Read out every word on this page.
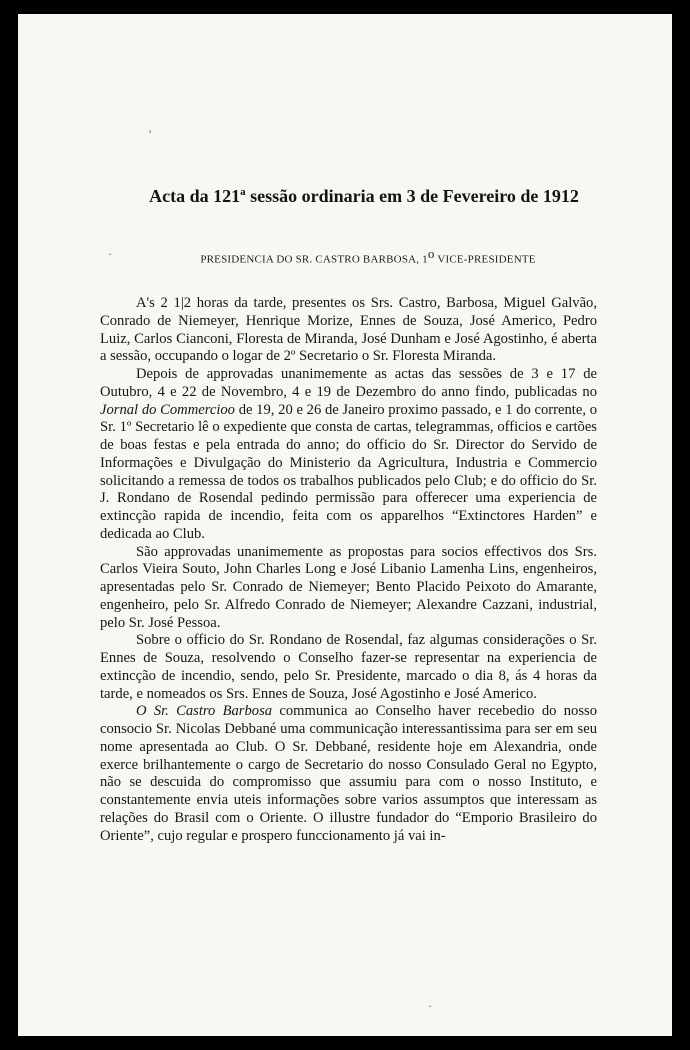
Acta da 121$^a$ sessão ordinaria em 3 de Fevereiro de 1912
PRESIDENCIA DO SR. CASTRO BARBOSA, 1$^o$ VICE-PRESIDENTE

A's 2 1|2 horas da tarde, presentes os Srs. Castro, Barbosa, Miguel Galvão, Conrado de Niemeyer, Henrique Morize, Ennes de Souza, José Americo, Pedro Luiz, Carlos Cianconi, Floresta de Miranda, José Dunham e José Agostinho, é aberta a sessão, occupando o logar de 2º Secretario o Sr. Floresta Miranda.

Depois de approvadas unanimemente as actas das sessões de 3 e 17 de Outubro, 4 e 22 de Novembro, 4 e 19 de Dezembro do anno findo, publicadas no Jornal do Commercioo de 19, 20 e 26 de Janeiro proximo passado, e 1 do corrente, o Sr. 1º Secretario lê o expediente que consta de cartas, telegrammas, officios e cartões de boas festas e pela entrada do anno; do officio do Sr. Director do Servido de Informações e Divulgação do Ministerio da Agricultura, Industria e Commercio solicitando a remessa de todos os trabalhos publicados pelo Club; e do officio do Sr. J. Rondano de Rosendal pedindo permissão para offerecer uma experiencia de extincção rapida de incendio, feita com os apparelhos “Extinctores Harden” e dedicada ao Club.

São approvadas unanimemente as propostas para socios effectivos dos Srs. Carlos Vieira Souto, John Charles Long e José Libanio Lamenha Lins, engenheiros, apresentadas pelo Sr. Conrado de Niemeyer; Bento Placido Peixoto do Amarante, engenheiro, pelo Sr. Alfredo Conrado de Niemeyer; Alexandre Cazzani, industrial, pelo Sr. José Pessoa.

Sobre o officio do Sr. Rondano de Rosendal, faz algumas considerações o Sr. Ennes de Souza, resolvendo o Conselho fazer-se representar na experiencia de extincção de incendio, sendo, pelo Sr. Presidente, marcado o dia 8, ás 4 horas da tarde, e nomeados os Srs. Ennes de Souza, José Agostinho e José Americo.

O Sr. Castro Barbosa communica ao Conselho haver recebedio do nosso consocio Sr. Nicolas Debbané uma communicação interessantissima para ser em seu nome apresentada ao Club. O Sr. Debbané, residente hoje em Alexandria, onde exerce brilhantemente o cargo de Secretario do nosso Consulado Geral no Egypto, não se descuida do compromisso que assumiu para com o nosso Instituto, e constantemente envia uteis informações sobre varios assumptos que interessam as relações do Brasil com o Oriente. O illustre fundador do “Emporio Brasileiro do Oriente”, cujo regular e prospero funccionamento já vai in-

'
·
·
